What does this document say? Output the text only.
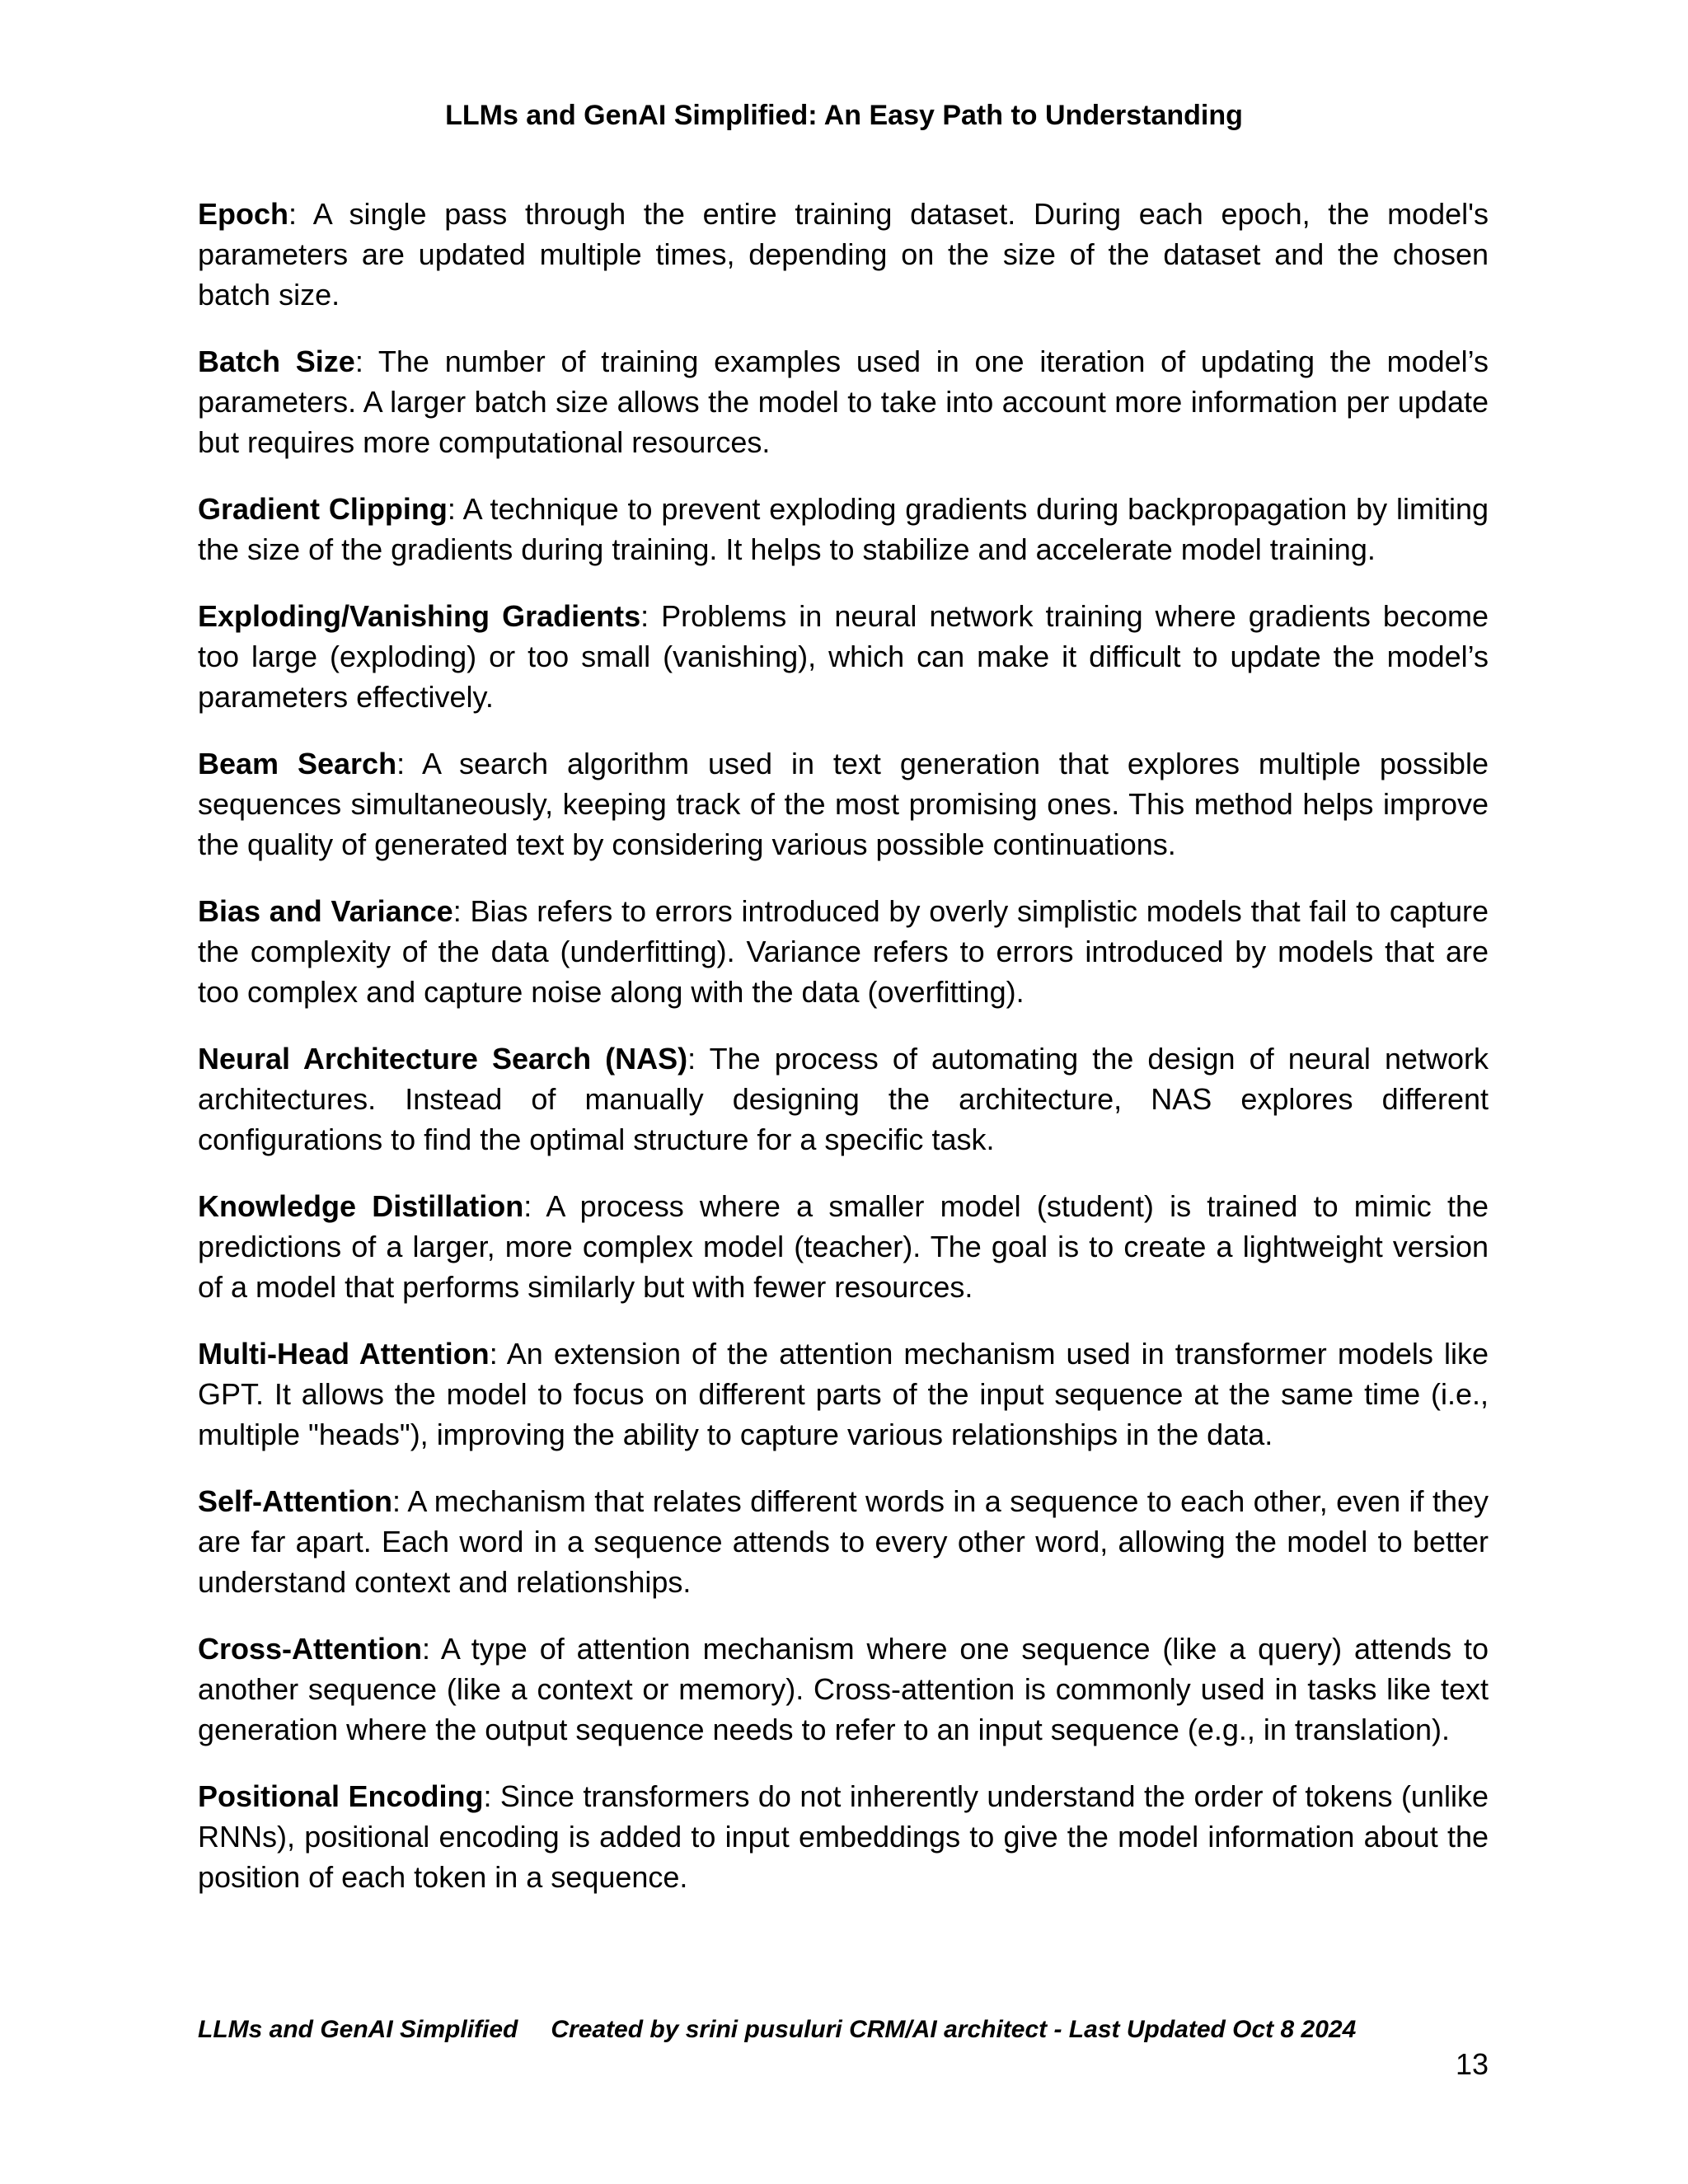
LLMs and GenAI Simplified: An Easy Path to Understanding

Epoch: A single pass through the entire training dataset. During each epoch, the model's parameters are updated multiple times, depending on the size of the dataset and the chosen batch size.

Batch Size: The number of training examples used in one iteration of updating the model’s parameters. A larger batch size allows the model to take into account more information per update but requires more computational resources.

Gradient Clipping: A technique to prevent exploding gradients during backpropagation by limiting the size of the gradients during training. It helps to stabilize and accelerate model training.

Exploding/Vanishing Gradients: Problems in neural network training where gradients become too large (exploding) or too small (vanishing), which can make it difficult to update the model’s parameters effectively.

Beam Search: A search algorithm used in text generation that explores multiple possible sequences simultaneously, keeping track of the most promising ones. This method helps improve the quality of generated text by considering various possible continuations.

Bias and Variance: Bias refers to errors introduced by overly simplistic models that fail to capture the complexity of the data (underfitting). Variance refers to errors introduced by models that are too complex and capture noise along with the data (overfitting).

Neural Architecture Search (NAS): The process of automating the design of neural network architectures. Instead of manually designing the architecture, NAS explores different configurations to find the optimal structure for a specific task.

Knowledge Distillation: A process where a smaller model (student) is trained to mimic the predictions of a larger, more complex model (teacher). The goal is to create a lightweight version of a model that performs similarly but with fewer resources.

Multi-Head Attention: An extension of the attention mechanism used in transformer models like GPT. It allows the model to focus on different parts of the input sequence at the same time (i.e., multiple "heads"), improving the ability to capture various relationships in the data.

Self-Attention: A mechanism that relates different words in a sequence to each other, even if they are far apart. Each word in a sequence attends to every other word, allowing the model to better understand context and relationships.

Cross-Attention: A type of attention mechanism where one sequence (like a query) attends to another sequence (like a context or memory). Cross-attention is commonly used in tasks like text generation where the output sequence needs to refer to an input sequence (e.g., in translation).

Positional Encoding: Since transformers do not inherently understand the order of tokens (unlike RNNs), positional encoding is added to input embeddings to give the model information about the position of each token in a sequence.

LLMs and GenAI Simplified Created by srini pusuluri CRM/AI architect - Last Updated Oct 8 2024
13
